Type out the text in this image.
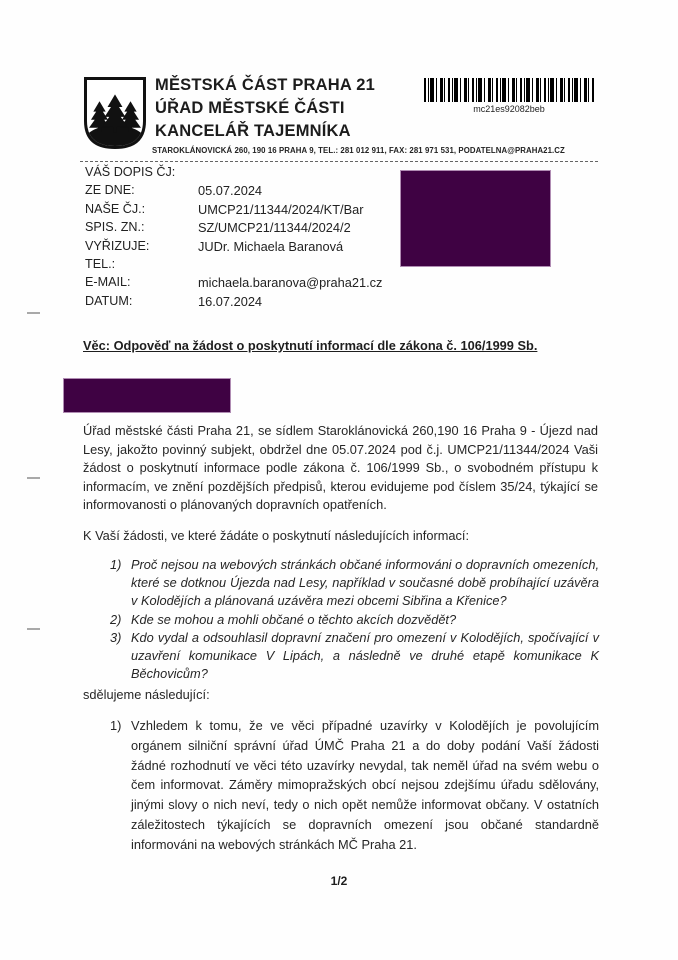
MĚSTSKÁ ČÁST PRAHA 21
ÚŘAD MĚSTSKÉ ČÁSTI
KANCELÁŘ TAJEMNÍKA
STAROKLÁNOVICKÁ 260, 190 16 PRAHA 9, TEL.: 281 012 911, FAX: 281 971 531, PODATELNA@PRAHA21.CZ
mc21es92082beb
VÁŠ DOPIS ČJ:
ZE DNE:	05.07.2024
NAŠE ČJ.:	UMCP21/11344/2024/KT/Bar
SPIS. ZN.:	SZ/UMCP21/11344/2024/2
VYŘIZUJE:	JUDr. Michaela Baranová
TEL.:
E-MAIL:	michaela.baranova@praha21.cz
DATUM:	16.07.2024
Věc: Odpověď na žádost o poskytnutí informací dle zákona č. 106/1999 Sb.

Úřad městské části Praha 21, se sídlem Staroklánovická 260,190 16 Praha 9 - Újezd nad Lesy, jakožto povinný subjekt, obdržel dne 05.07.2024 pod č.j. UMCP21/11344/2024 Vaši žádost o poskytnutí informace podle zákona č. 106/1999 Sb., o svobodném přístupu k informacím, ve znění pozdějších předpisů, kterou evidujeme pod číslem 35/24, týkající se informovanosti o plánovaných dopravních opatřeních.

K Vaší žádosti, ve které žádáte o poskytnutí následujících informací:

1) Proč nejsou na webových stránkách občané informováni o dopravních omezeních, které se dotknou Újezda nad Lesy, například v současné době probíhající uzávěra v Kolodějích a plánovaná uzávěra mezi obcemi Sibřina a Křenice?
2) Kde se mohou a mohli občané o těchto akcích dozvědět?
3) Kdo vydal a odsouhlasil dopravní značení pro omezení v Kolodějích, spočívající v uzavření komunikace V Lipách, a následně ve druhé etapě komunikace K Běchovicům?

sdělujeme následující:

1) Vzhledem k tomu, že ve věci případné uzavírky v Kolodějích je povolujícím orgánem silniční správní úřad ÚMČ Praha 21 a do doby podání Vaší žádosti žádné rozhodnutí ve věci této uzavírky nevydal, tak neměl úřad na svém webu o čem informovat. Záměry mimopražských obcí nejsou zdejšímu úřadu sdělovány, jinými slovy o nich neví, tedy o nich opět nemůže informovat občany. V ostatních záležitostech týkajících se dopravních omezení jsou občané standardně informováni na webových stránkách MČ Praha 21.
1/2
